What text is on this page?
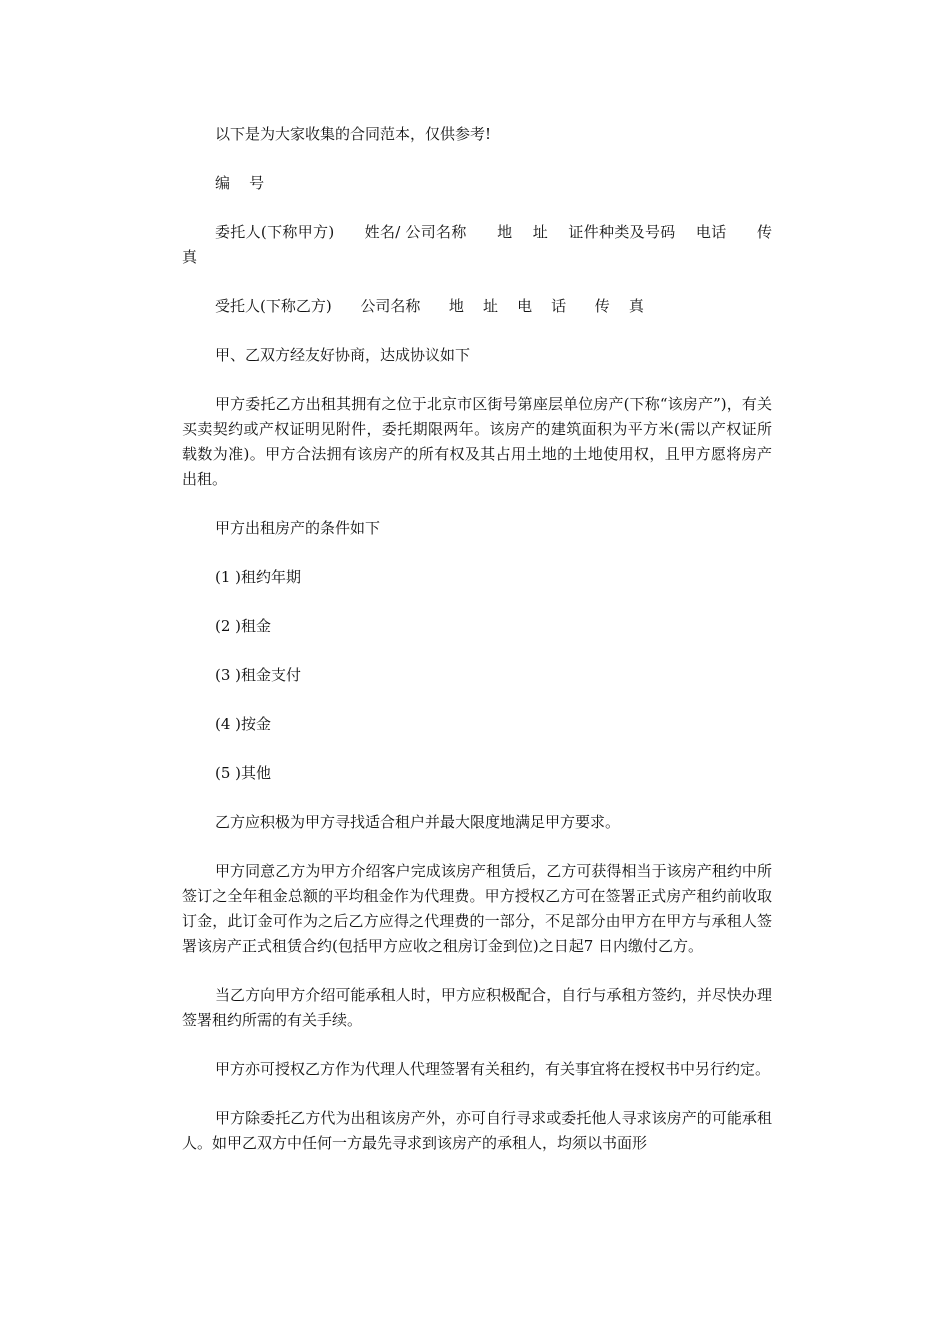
以下是为大家收集的合同范本，仅供参考!

编    号

委托人(下称甲方)      姓名/ 公司名称      地    址    证件种类及号码    电话      传    真

受托人(下称乙方)      公司名称      地    址    电    话      传    真

甲、乙双方经友好协商，达成协议如下

甲方委托乙方出租其拥有之位于北京市区街号第座层单位房产(下称“该房产”)，有关买卖契约或产权证明见附件，委托期限两年。该房产的建筑面积为平方米(需以产权证所载数为准)。甲方合法拥有该房产的所有权及其占用土地的土地使用权，且甲方愿将房产出租。

甲方出租房产的条件如下

(1 )租约年期

(2 )租金

(3 )租金支付

(4 )按金

(5 )其他

乙方应积极为甲方寻找适合租户并最大限度地满足甲方要求。

甲方同意乙方为甲方介绍客户完成该房产租赁后，乙方可获得相当于该房产租约中所签订之全年租金总额的平均租金作为代理费。甲方授权乙方可在签署正式房产租约前收取订金，此订金可作为之后乙方应得之代理费的一部分，不足部分由甲方在甲方与承租人签署该房产正式租赁合约(包括甲方应收之租房订金到位)之日起7 日内缴付乙方。

当乙方向甲方介绍可能承租人时，甲方应积极配合，自行与承租方签约，并尽快办理签署租约所需的有关手续。

甲方亦可授权乙方作为代理人代理签署有关租约，有关事宜将在授权书中另行约定。

甲方除委托乙方代为出租该房产外，亦可自行寻求或委托他人寻求该房产的可能承租人。如甲乙双方中任何一方最先寻求到该房产的承租人，均须以书面形
